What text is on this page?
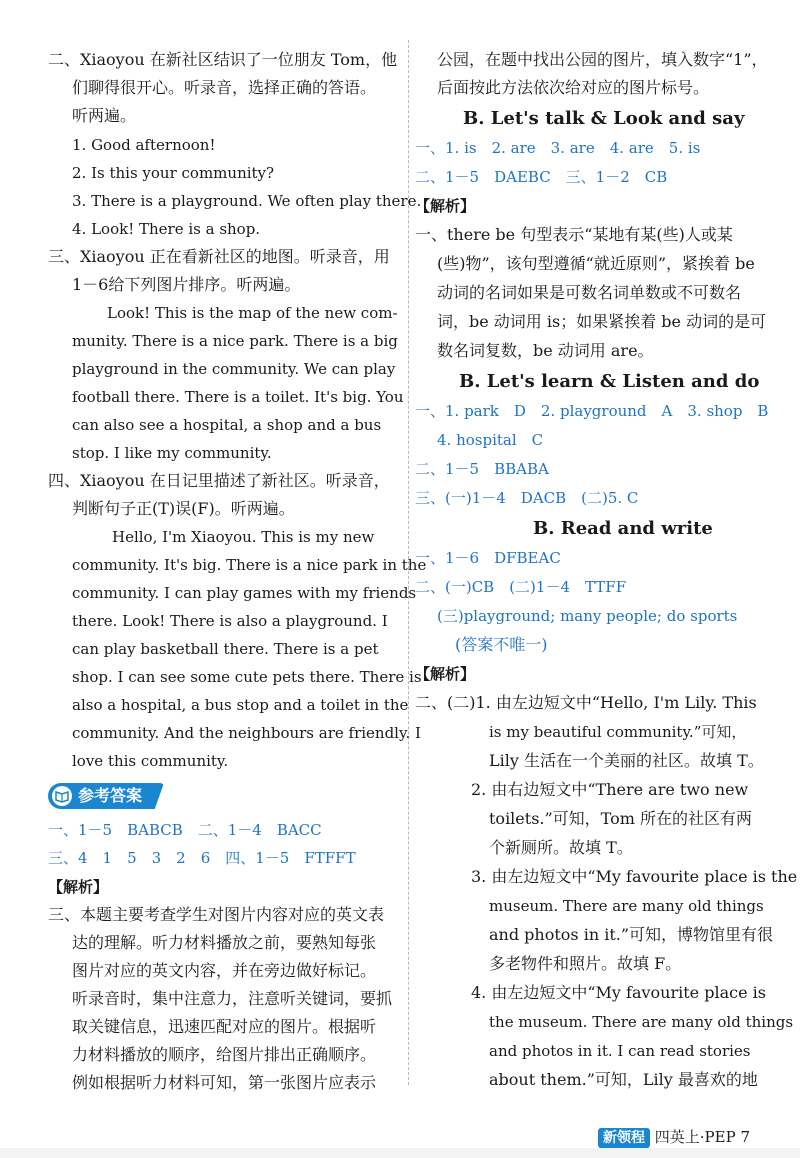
二、Xiaoyou 在新社区结识了一位朋友 Tom，他
们聊得很开心。听录音，选择正确的答语。
听两遍。
1. Good afternoon!
2. Is this your community?
3. There is a playground. We often play there.
4. Look! There is a shop.
三、Xiaoyou 正在看新社区的地图。听录音，用
1－6给下列图片排序。听两遍。
Look! This is the map of the new com-
munity. There is a nice park. There is a big
playground in the community. We can play
football there. There is a toilet. It's big. You
can also see a hospital, a shop and a bus
stop. I like my community.
四、Xiaoyou 在日记里描述了新社区。听录音，
判断句子正(T)误(F)。听两遍。
Hello, I'm Xiaoyou. This is my new
community. It's big. There is a nice park in the
community. I can play games with my friends
there. Look! There is also a playground. I
can play basketball there. There is a pet
shop. I can see some cute pets there. There is
also a hospital, a bus stop and a toilet in the
community. And the neighbours are friendly. I
love this community.
参考答案
一、1－5　BABCB　二、1－4　BACC
三、4　1　5　3　2　6　四、1－5　FTFFT
【解析】
三、本题主要考查学生对图片内容对应的英文表
达的理解。听力材料播放之前，要熟知每张
图片对应的英文内容，并在旁边做好标记。
听录音时，集中注意力，注意听关键词，要抓
取关键信息，迅速匹配对应的图片。根据听
力材料播放的顺序，给图片排出正确顺序。
例如根据听力材料可知，第一张图片应表示
公园，在题中找出公园的图片，填入数字“1”，
后面按此方法依次给对应的图片标号。
B. Let's talk & Look and say
一、1. is　2. are　3. are　4. are　5. is
二、1－5　DAEBC　三、1－2　CB
【解析】
一、there be 句型表示“某地有某(些)人或某
(些)物”，该句型遵循“就近原则”，紧挨着 be
动词的名词如果是可数名词单数或不可数名
词，be 动词用 is；如果紧挨着 be 动词的是可
数名词复数，be 动词用 are。
B. Let's learn & Listen and do
一、1. park　D　2. playground　A　3. shop　B
4. hospital　C
二、1－5　BBABA
三、(一)1－4　DACB　(二)5. C
B. Read and write
一、1－6　DFBEAC
二、(一)CB　(二)1－4　TTFF
(三)playground; many people; do sports
(答案不唯一)
【解析】
二、(二)1. 由左边短文中“Hello, I'm Lily. This
is my beautiful community.”可知，
Lily 生活在一个美丽的社区。故填 T。
2. 由右边短文中“There are two new
toilets.”可知，Tom 所在的社区有两
个新厕所。故填 T。
3. 由左边短文中“My favourite place is the
museum. There are many old things
and photos in it.”可知，博物馆里有很
多老物件和照片。故填 F。
4. 由左边短文中“My favourite place is
the museum. There are many old things
and photos in it. I can read stories
about them.”可知，Lily 最喜欢的地
新领程 四英上·PEP 7
